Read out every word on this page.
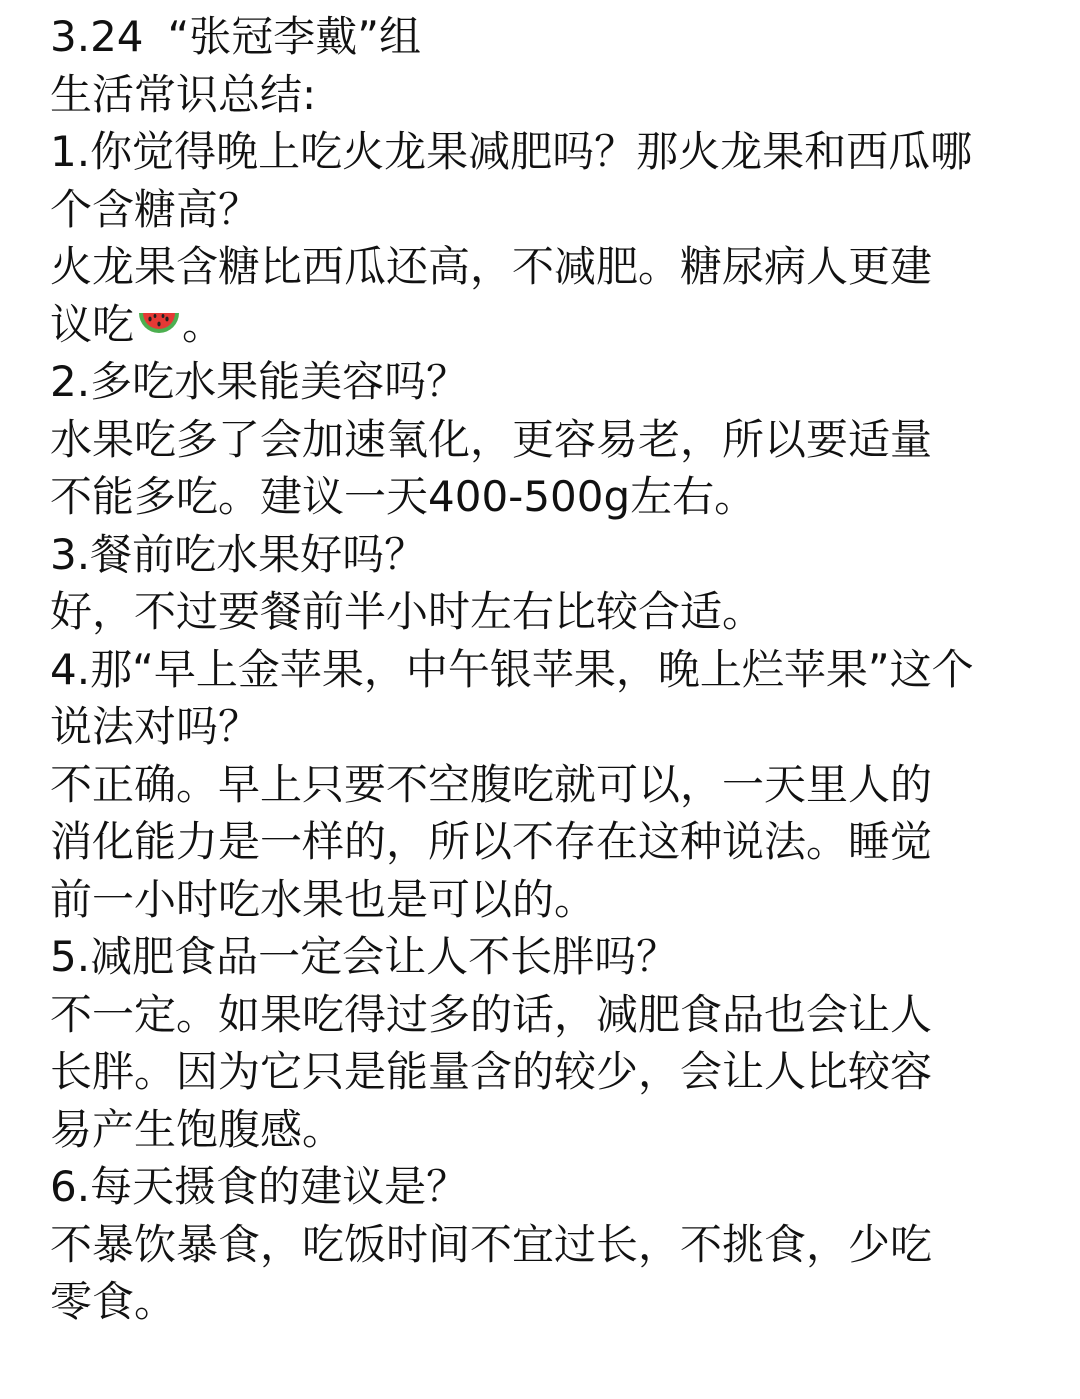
3.24 “张冠李戴”组
生活常识总结:
1.你觉得晚上吃火龙果减肥吗？那火龙果和西瓜哪
个含糖高？
火龙果含糖比西瓜还高，不减肥。糖尿病人更建
议吃 。
2.多吃水果能美容吗？
水果吃多了会加速氧化，更容易老，所以要适量
不能多吃。建议一天400-500g左右。
3.餐前吃水果好吗？
好，不过要餐前半小时左右比较合适。
4.那“早上金苹果，中午银苹果，晚上烂苹果”这个
说法对吗？
不正确。早上只要不空腹吃就可以，一天里人的
消化能力是一样的，所以不存在这种说法。睡觉
前一小时吃水果也是可以的。
5.减肥食品一定会让人不长胖吗？
不一定。如果吃得过多的话，减肥食品也会让人
长胖。因为它只是能量含的较少，会让人比较容
易产生饱腹感。
6.每天摄食的建议是？
不暴饮暴食，吃饭时间不宜过长，不挑食，少吃
零食。
